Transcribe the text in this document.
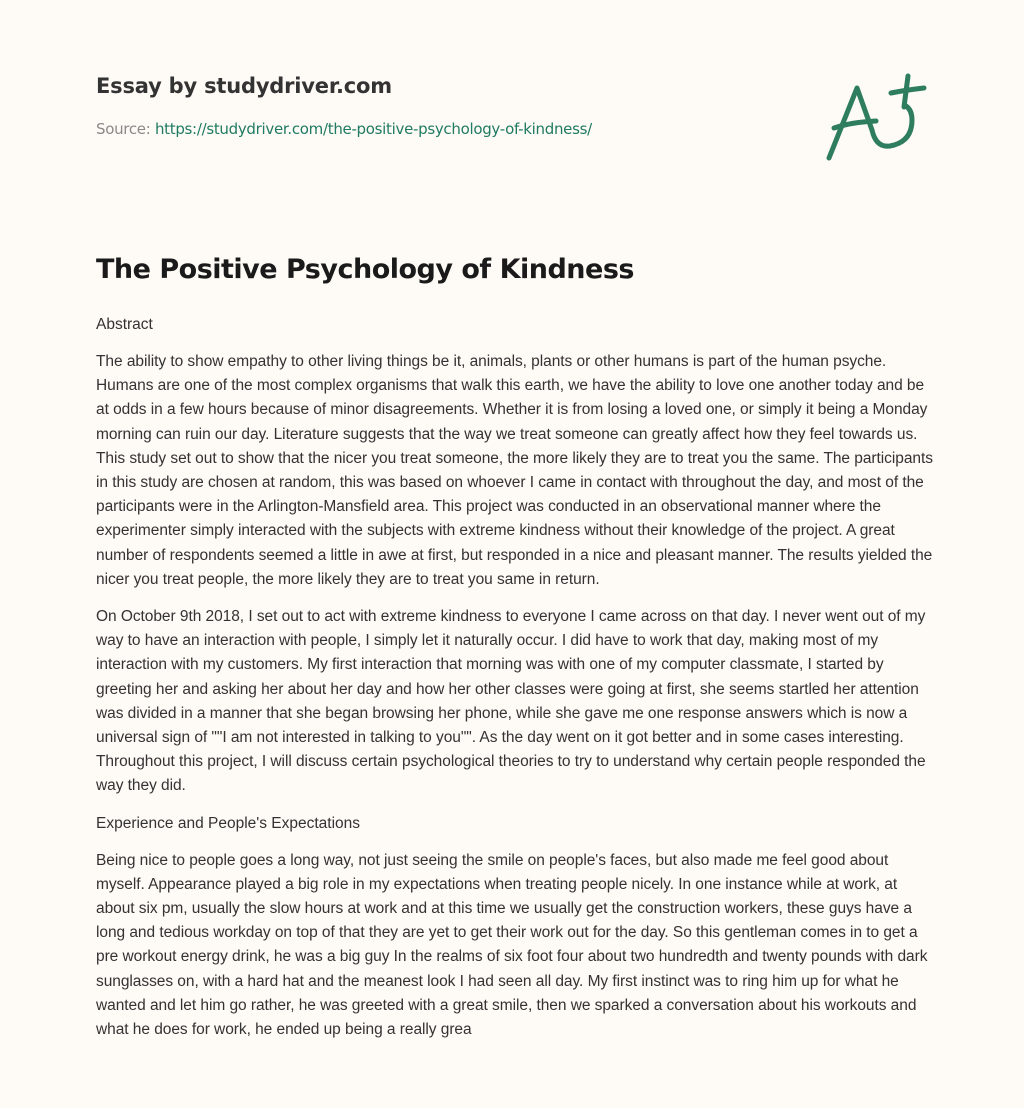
Essay by studydriver.com
Source: https://studydriver.com/the-positive-psychology-of-kindness/
The Positive Psychology of Kindness
Abstract

The ability to show empathy to other living things be it, animals, plants or other humans is part of the human psyche. Humans are one of the most complex organisms that walk this earth, we have the ability to love one another today and be at odds in a few hours because of minor disagreements. Whether it is from losing a loved one, or simply it being a Monday morning can ruin our day. Literature suggests that the way we treat someone can greatly affect how they feel towards us. This study set out to show that the nicer you treat someone, the more likely they are to treat you the same. The participants in this study are chosen at random, this was based on whoever I came in contact with throughout the day, and most of the participants were in the Arlington-Mansfield area. This project was conducted in an observational manner where the experimenter simply interacted with the subjects with extreme kindness without their knowledge of the project. A great number of respondents seemed a little in awe at first, but responded in a nice and pleasant manner. The results yielded the nicer you treat people, the more likely they are to treat you same in return.

On October 9th 2018, I set out to act with extreme kindness to everyone I came across on that day. I never went out of my way to have an interaction with people, I simply let it naturally occur. I did have to work that day, making most of my interaction with my customers. My first interaction that morning was with one of my computer classmate, I started by greeting her and asking her about her day and how her other classes were going at first, she seems startled her attention was divided in a manner that she began browsing her phone, while she gave me one response answers which is now a universal sign of ""I am not interested in talking to you"". As the day went on it got better and in some cases interesting. Throughout this project, I will discuss certain psychological theories to try to understand why certain people responded the way they did.

Experience and People's Expectations

Being nice to people goes a long way, not just seeing the smile on people's faces, but also made me feel good about myself. Appearance played a big role in my expectations when treating people nicely. In one instance while at work, at about six pm, usually the slow hours at work and at this time we usually get the construction workers, these guys have a long and tedious workday on top of that they are yet to get their work out for the day. So this gentleman comes in to get a pre workout energy drink, he was a big guy In the realms of six foot four about two hundredth and twenty pounds with dark sunglasses on, with a hard hat and the meanest look I had seen all day. My first instinct was to ring him up for what he wanted and let him go rather, he was greeted with a great smile, then we sparked a conversation about his workouts and what he does for work, he ended up being a really grea
